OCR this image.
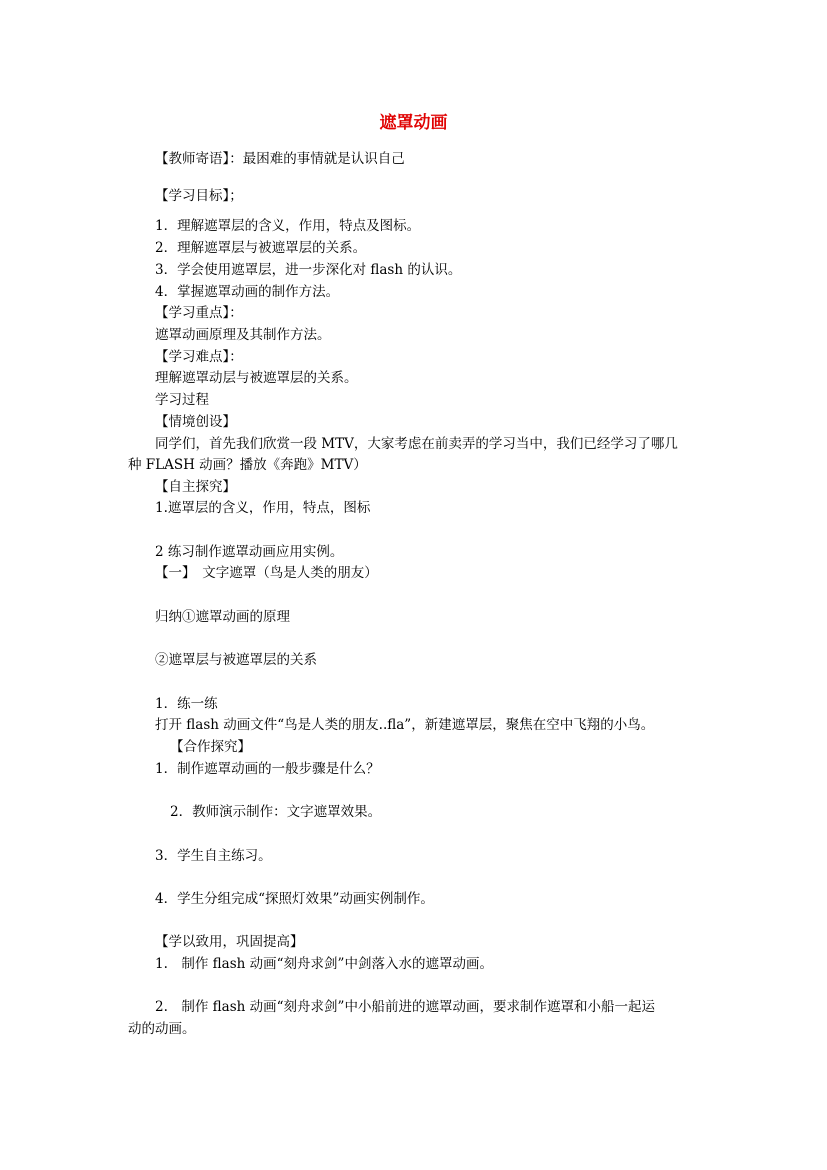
遮罩动画
【教师寄语】：最困难的事情就是认识自己
【学习目标】；
1．理解遮罩层的含义，作用，特点及图标。
2．理解遮罩层与被遮罩层的关系。
3．学会使用遮罩层，进一步深化对 flash 的认识。
4．掌握遮罩动画的制作方法。
【学习重点】：
遮罩动画原理及其制作方法。
【学习难点】：
理解遮罩动层与被遮罩层的关系。
学习过程
【情境创设】
同学们，首先我们欣赏一段 MTV，大家考虑在前卖弄的学习当中，我们已经学习了哪几
种 FLASH 动画？播放《奔跑》MTV）
【自主探究】
1.遮罩层的含义，作用，特点，图标
2 练习制作遮罩动画应用实例。
【一】　文字遮罩（鸟是人类的朋友）
归纳①遮罩动画的原理
②遮罩层与被遮罩层的关系
1．练一练
打开 flash 动画文件“鸟是人类的朋友..fla”，新建遮罩层，聚焦在空中飞翔的小鸟。
【合作探究】
1．制作遮罩动画的一般步骤是什么？
2．教师演示制作：文字遮罩效果。
3．学生自主练习。
4．学生分组完成“探照灯效果”动画实例制作。
【学以致用，巩固提高】
1.　制作 flash 动画“刻舟求剑”中剑落入水的遮罩动画。
2.　制作 flash 动画“刻舟求剑”中小船前进的遮罩动画，要求制作遮罩和小船一起运
动的动画。
